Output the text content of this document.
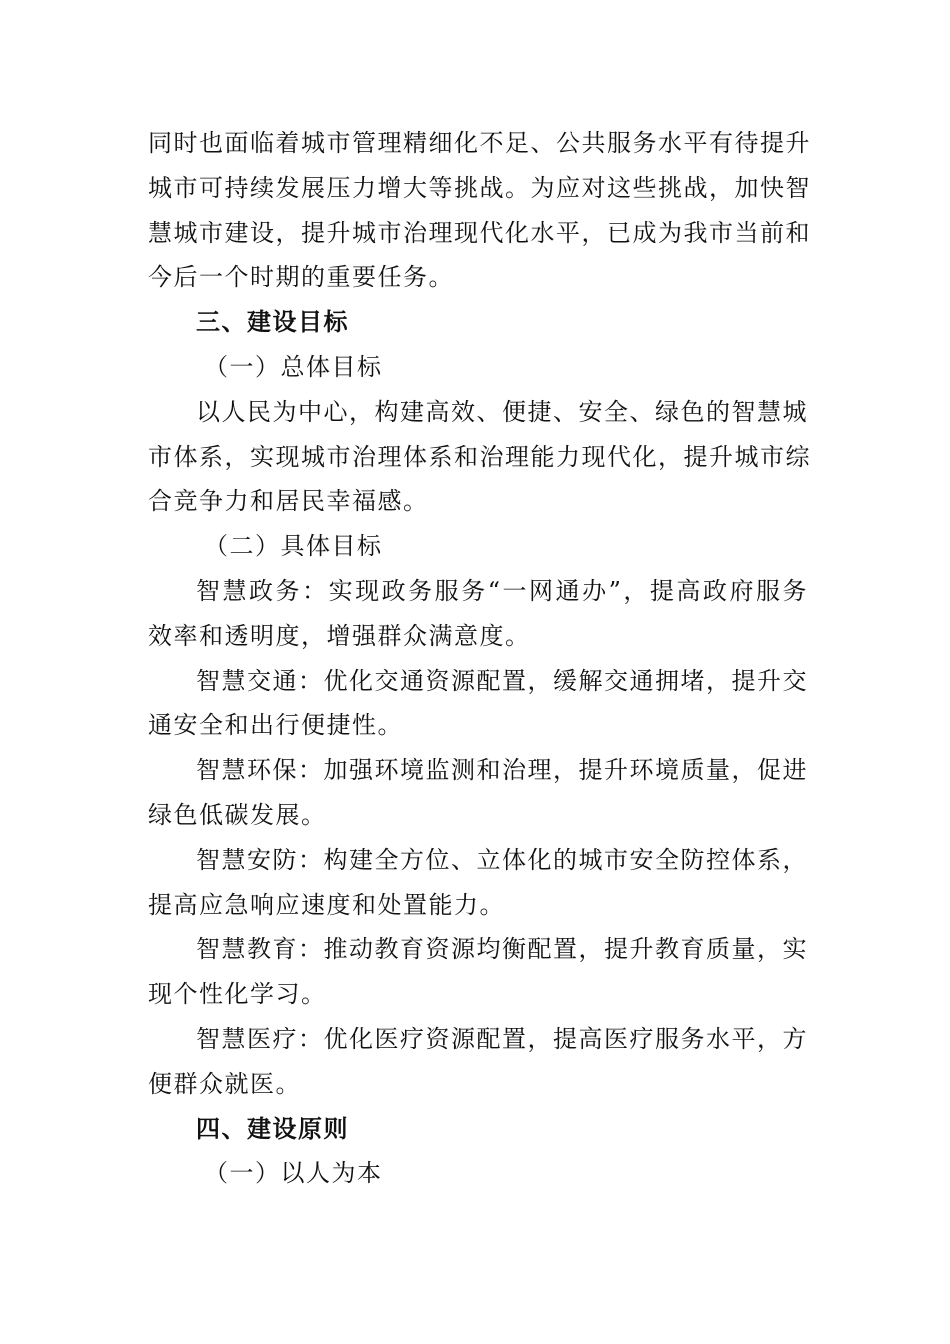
同时也面临着城市管理精细化不足、公共服务水平有待提升
城市可持续发展压力增大等挑战。为应对这些挑战，加快智
慧城市建设，提升城市治理现代化水平，已成为我市当前和
今后一个时期的重要任务。
三、建设目标
（一）总体目标
以人民为中心，构建高效、便捷、安全、绿色的智慧城
市体系，实现城市治理体系和治理能力现代化，提升城市综
合竞争力和居民幸福感。
（二）具体目标
智慧政务：实现政务服务“一网通办”，提高政府服务
效率和透明度，增强群众满意度。
智慧交通：优化交通资源配置，缓解交通拥堵，提升交
通安全和出行便捷性。
智慧环保：加强环境监测和治理，提升环境质量，促进
绿色低碳发展。
智慧安防：构建全方位、立体化的城市安全防控体系，
提高应急响应速度和处置能力。
智慧教育：推动教育资源均衡配置，提升教育质量，实
现个性化学习。
智慧医疗：优化医疗资源配置，提高医疗服务水平，方
便群众就医。
四、建设原则
（一）以人为本
